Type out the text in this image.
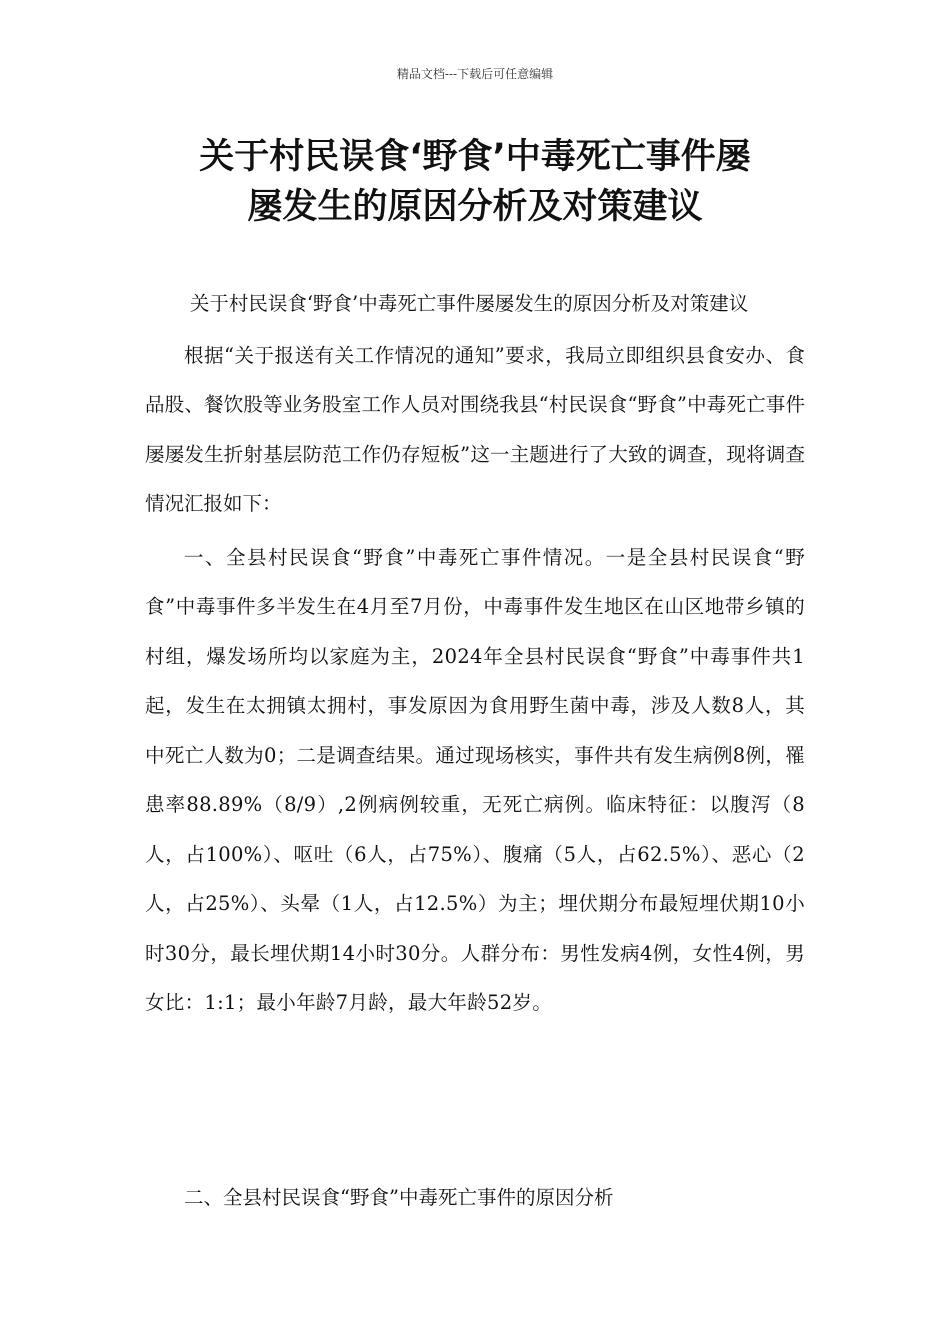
精品文档---下载后可任意编辑
关于村民误食‘野食’中毒死亡事件屡
屡发生的原因分析及对策建议

关于村民误食‘野食’中毒死亡事件屡屡发生的原因分析及对策建议

根据“关于报送有关工作情况的通知”要求，我局立即组织县食安办、食品股、餐饮股等业务股室工作人员对围绕我县“村民误食“野食”中毒死亡事件屡屡发生折射基层防范工作仍存短板”这一主题进行了大致的调查，现将调查情况汇报如下：

一、全县村民误食“野食”中毒死亡事件情况。一是全县村民误食“野食”中毒事件多半发生在4月至7月份，中毒事件发生地区在山区地带乡镇的村组，爆发场所均以家庭为主，2024年全县村民误食“野食”中毒事件共1起，发生在太拥镇太拥村，事发原因为食用野生菌中毒，涉及人数8人，其中死亡人数为0；二是调查结果。通过现场核实，事件共有发生病例8例，罹患率88.89%（8/9）,2例病例较重，无死亡病例。临床特征：以腹泻（8人，占100%）、呕吐（6人，占75%）、腹痛（5人，占62.5%）、恶心（2人，占25%）、头晕（1人，占12.5%）为主；埋伏期分布最短埋伏期10小时30分，最长埋伏期14小时30分。人群分布：男性发病4例，女性4例，男女比：1:1；最小年龄7月龄，最大年龄52岁。

二、全县村民误食“野食”中毒死亡事件的原因分析
